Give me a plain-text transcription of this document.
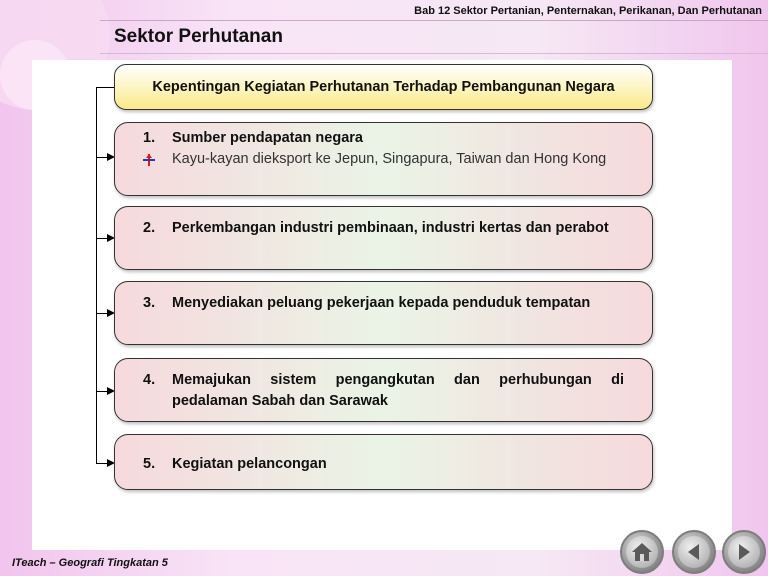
Bab 12 Sektor Pertanian, Penternakan, Perikanan, Dan Perhutanan
Sektor Perhutanan
Kepentingan Kegiatan Perhutanan Terhadap Pembangunan Negara
1.	Sumber pendapatan negara
Kayu-kayan dieksport ke Jepun, Singapura, Taiwan dan Hong Kong
2.	Perkembangan industri pembinaan, industri kertas dan perabot
3.	Menyediakan peluang pekerjaan kepada penduduk tempatan
4.	Memajukan sistem pengangkutan dan perhubungan di pedalaman Sabah dan Sarawak
5.	Kegiatan pelancongan
ITeach – Geografi Tingkatan 5
